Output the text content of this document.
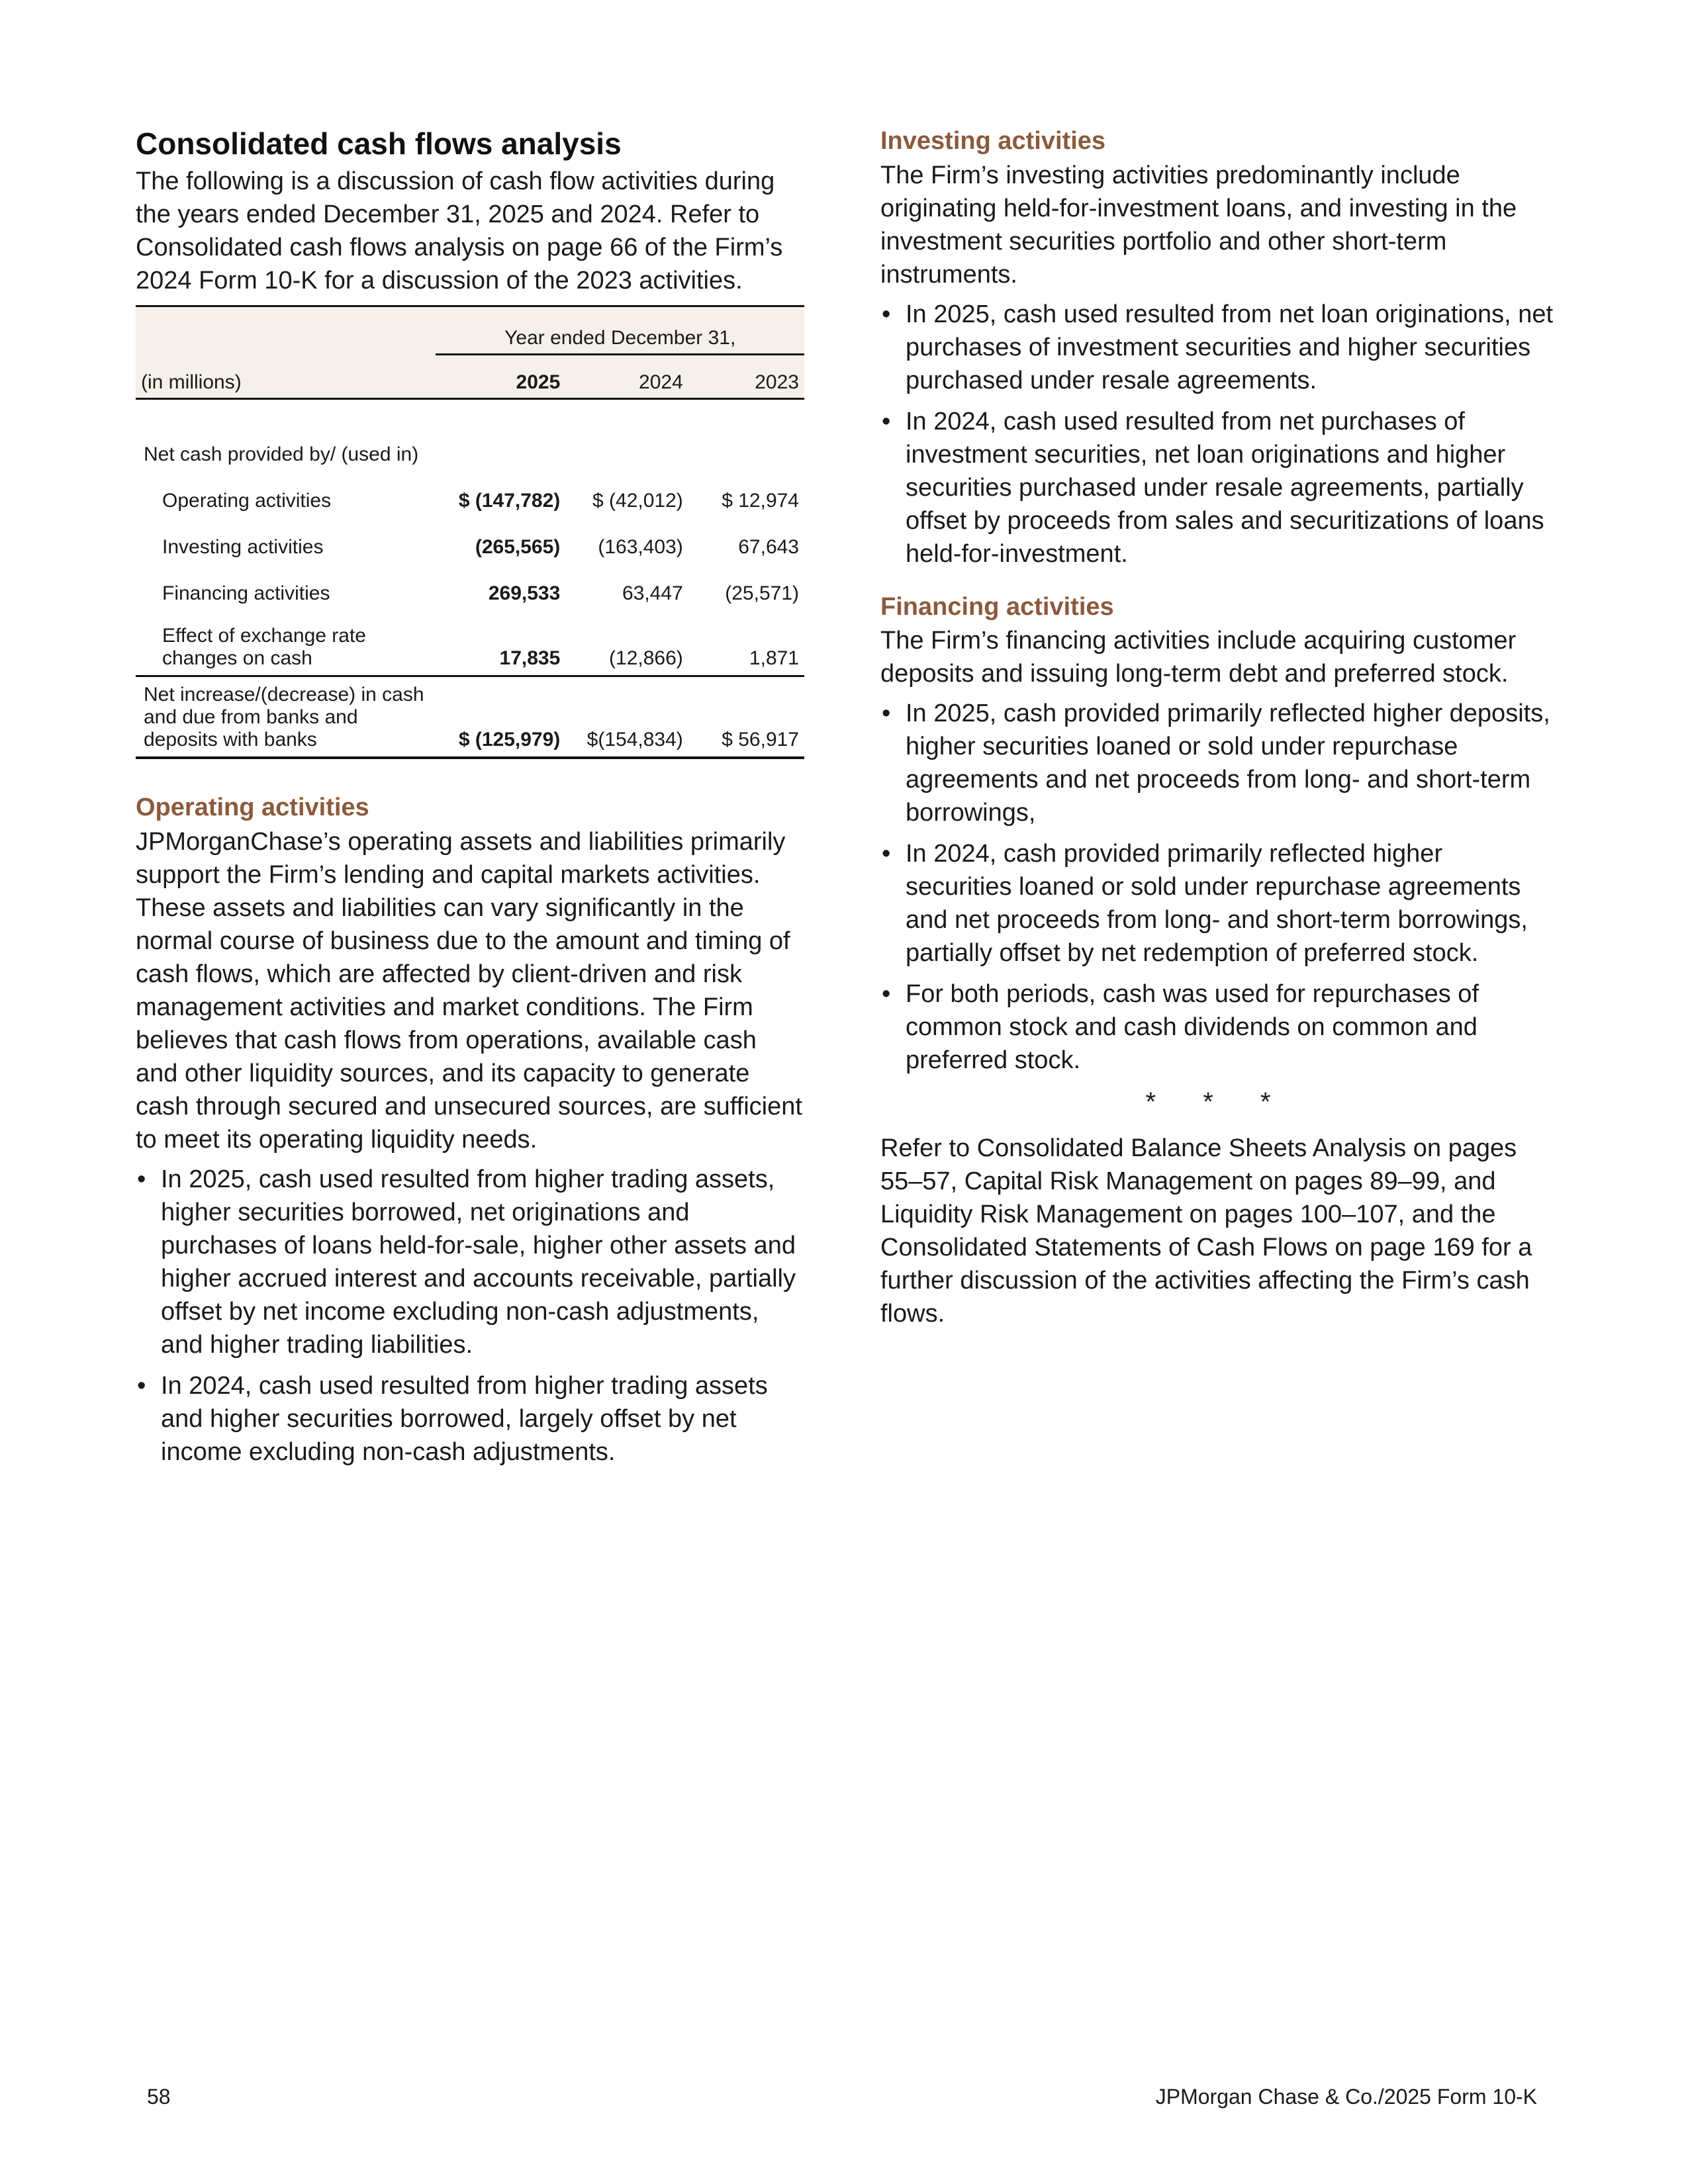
Consolidated cash flows analysis

The following is a discussion of cash flow activities during the years ended December 31, 2025 and 2024. Refer to Consolidated cash flows analysis on page 66 of the Firm’s 2024 Form 10-K for a discussion of the 2023 activities.

	Year ended December 31,		
(in millions)	2025	2024	2023
Net cash provided by/ (used in)			
Operating activities	$ (147,782)	$ (42,012)	$ 12,974
Investing activities	(265,565)	(163,403)	67,643
Financing activities	269,533	63,447	(25,571)
Effect of exchange rate changes on cash	17,835	(12,866)	1,871
Net increase/(decrease) in cash and due from banks and deposits with banks	$ (125,979)	$(154,834)	$ 56,917
Operating activities

JPMorganChase’s operating assets and liabilities primarily support the Firm’s lending and capital markets activities. These assets and liabilities can vary significantly in the normal course of business due to the amount and timing of cash flows, which are affected by client-driven and risk management activities and market conditions. The Firm believes that cash flows from operations, available cash and other liquidity sources, and its capacity to generate cash through secured and unsecured sources, are sufficient to meet its operating liquidity needs.

• In 2025, cash used resulted from higher trading assets, higher securities borrowed, net originations and purchases of loans held-for-sale, higher other assets and higher accrued interest and accounts receivable, partially offset by net income excluding non-cash adjustments, and higher trading liabilities.
• In 2024, cash used resulted from higher trading assets and higher securities borrowed, largely offset by net income excluding non-cash adjustments.
Investing activities

The Firm’s investing activities predominantly include originating held-for-investment loans, and investing in the investment securities portfolio and other short-term instruments.

• In 2025, cash used resulted from net loan originations, net purchases of investment securities and higher securities purchased under resale agreements.
• In 2024, cash used resulted from net purchases of investment securities, net loan originations and higher securities purchased under resale agreements, partially offset by proceeds from sales and securitizations of loans held-for-investment.
Financing activities

The Firm’s financing activities include acquiring customer deposits and issuing long-term debt and preferred stock.

• In 2025, cash provided primarily reflected higher deposits, higher securities loaned or sold under repurchase agreements and net proceeds from long- and short-term borrowings,
• In 2024, cash provided primarily reflected higher securities loaned or sold under repurchase agreements and net proceeds from long- and short-term borrowings, partially offset by net redemption of preferred stock.
• For both periods, cash was used for repurchases of common stock and cash dividends on common and preferred stock.
* * *

Refer to Consolidated Balance Sheets Analysis on pages 55–57, Capital Risk Management on pages 89–99, and Liquidity Risk Management on pages 100–107, and the Consolidated Statements of Cash Flows on page 169 for a further discussion of the activities affecting the Firm’s cash flows.

58	JPMorgan Chase & Co./2025 Form 10-K
